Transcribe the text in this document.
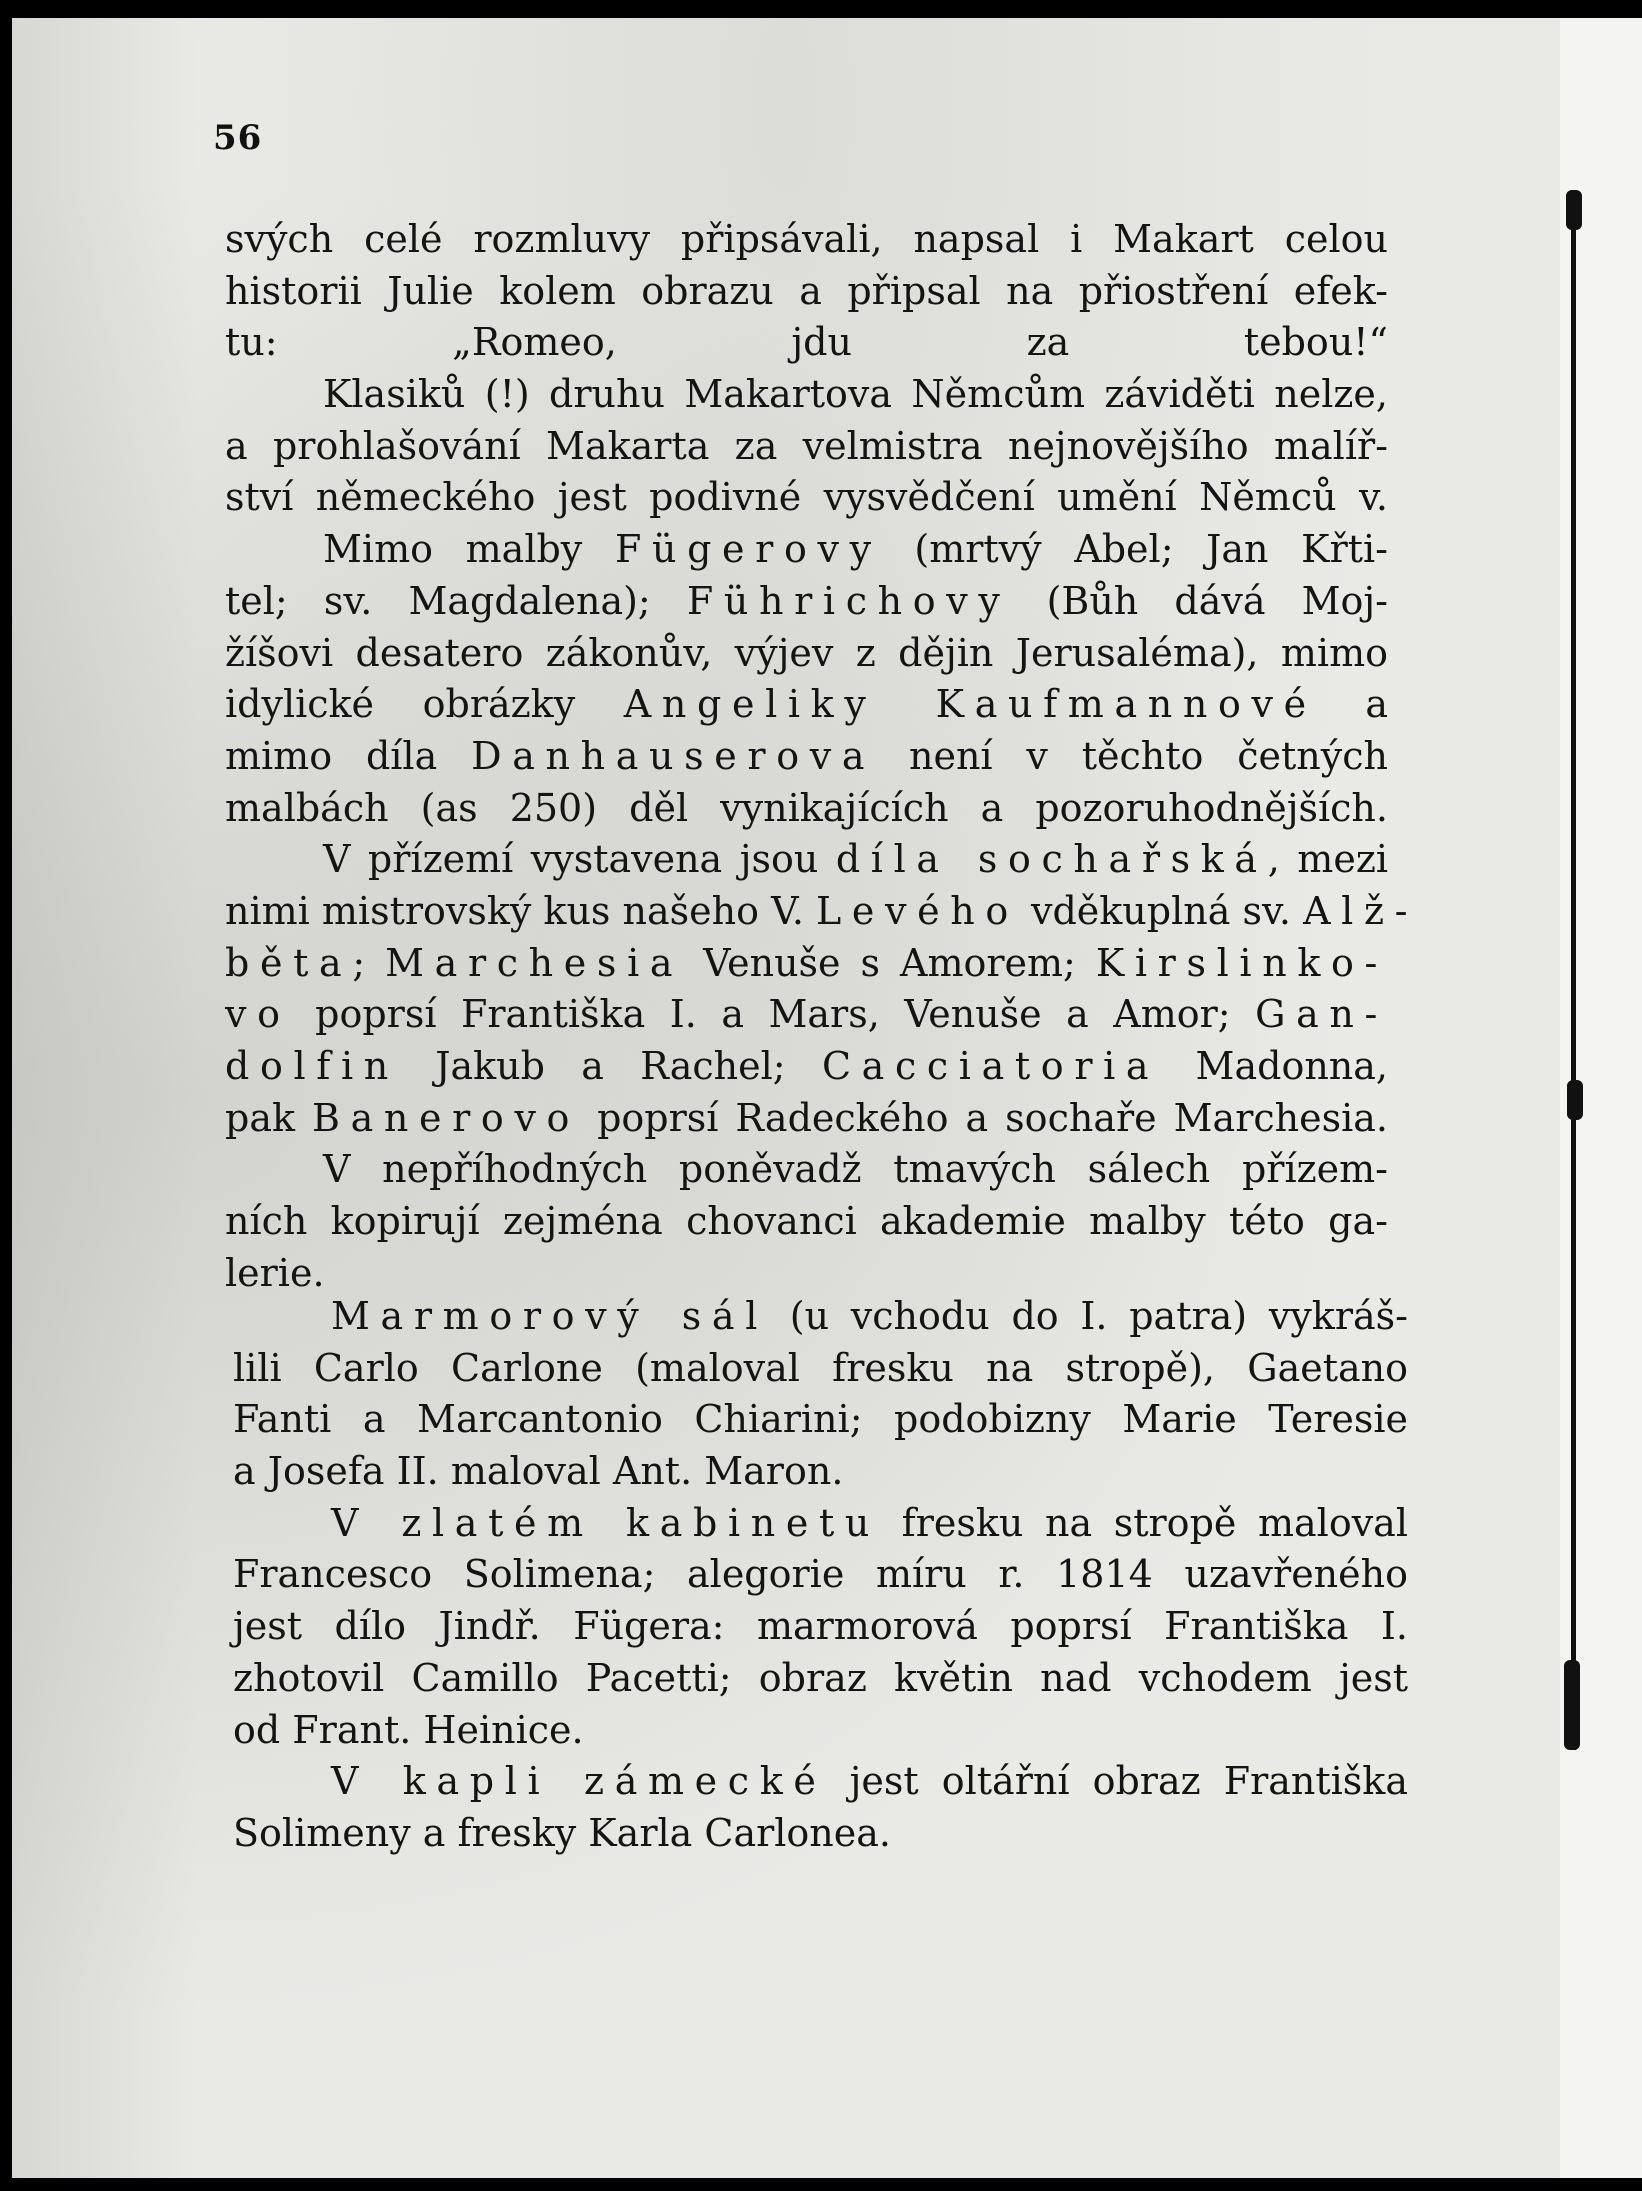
56
svých celé rozmluvy připsávali, napsal i Makart celou
historii Julie kolem obrazu a připsal na přiostření efek-
tu: „Romeo, jdu za tebou!“
Klasiků (!) druhu Makartova Němcům záviděti nelze,
a prohlašování Makarta za velmistra nejnovějšího malíř-
ství německého jest podivné vysvědčení umění Němců v.
Mimo malby Fügerovy (mrtvý Abel; Jan Křti-
tel; sv. Magdalena); Führichovy (Bůh dává Moj-
žíšovi desatero zákonův, výjev z dějin Jerusaléma), mimo
idylické obrázky Angeliky Kaufmannové a
mimo díla Danhauserova není v těchto četných
malbách (as 250) děl vynikajících a pozoruhodnějších.
V přízemí vystavena jsou díla sochařská, mezi
nimi mistrovský kus našeho V. Levého vděkuplná sv. Alž-
běta; Marchesia Venuše s Amorem; Kirslinko-
vo poprsí Františka I. a Mars, Venuše a Amor; Gan-
dolfin Jakub a Rachel; Cacciatoria Madonna,
pak Banerovo poprsí Radeckého a sochaře Marchesia.
V nepříhodných poněvadž tmavých sálech přízem-
ních kopirují zejména chovanci akademie malby této ga-
lerie.
Marmorový sál (u vchodu do I. patra) vykráš-
lili Carlo Carlone (maloval fresku na stropě), Gaetano
Fanti a Marcantonio Chiarini; podobizny Marie Teresie
a Josefa II. maloval Ant. Maron.
V zlatém kabinetu fresku na stropě maloval
Francesco Solimena; alegorie míru r. 1814 uzavřeného
jest dílo Jindř. Fügera: marmorová poprsí Františka I.
zhotovil Camillo Pacetti; obraz květin nad vchodem jest
od Frant. Heinice.
V kapli zámecké jest oltářní obraz Františka
Solimeny a fresky Karla Carlonea.
